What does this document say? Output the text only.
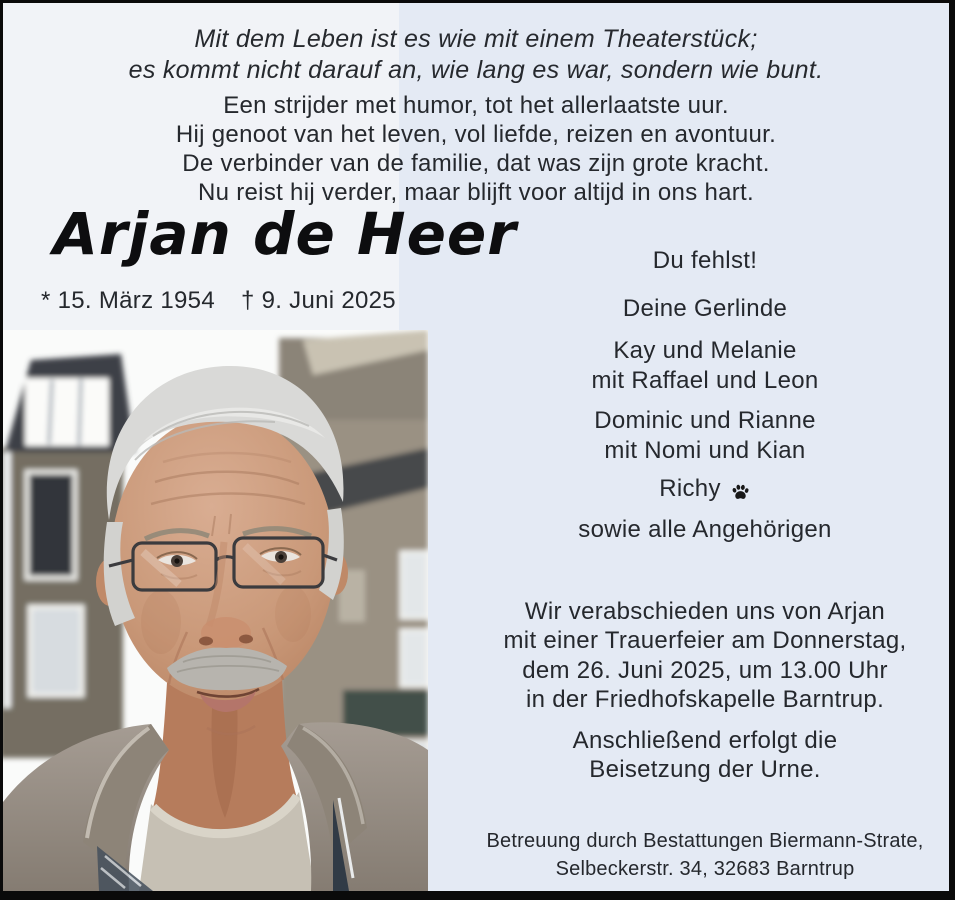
Mit dem Leben ist es wie mit einem Theaterstück;
es kommt nicht darauf an, wie lang es war, sondern wie bunt.
Een strijder met humor, tot het allerlaatste uur.
Hij genoot van het leven, vol liefde, reizen en avontuur.
De verbinder van de familie, dat was zijn grote kracht.
Nu reist hij verder, maar blijft voor altijd in ons hart.
Arjan de Heer
* 15. März 1954 † 9. Juni 2025
Du fehlst!
Deine Gerlinde
Kay und Melanie
mit Raffael und Leon
Dominic und Rianne
mit Nomi und Kian
Richy
sowie alle Angehörigen
Wir verabschieden uns von Arjan
mit einer Trauerfeier am Donnerstag,
dem 26. Juni 2025, um 13.00 Uhr
in der Friedhofskapelle Barntrup.
Anschließend erfolgt die
Beisetzung der Urne.
Betreuung durch Bestattungen Biermann-Strate,
Selbeckerstr. 34, 32683 Barntrup
